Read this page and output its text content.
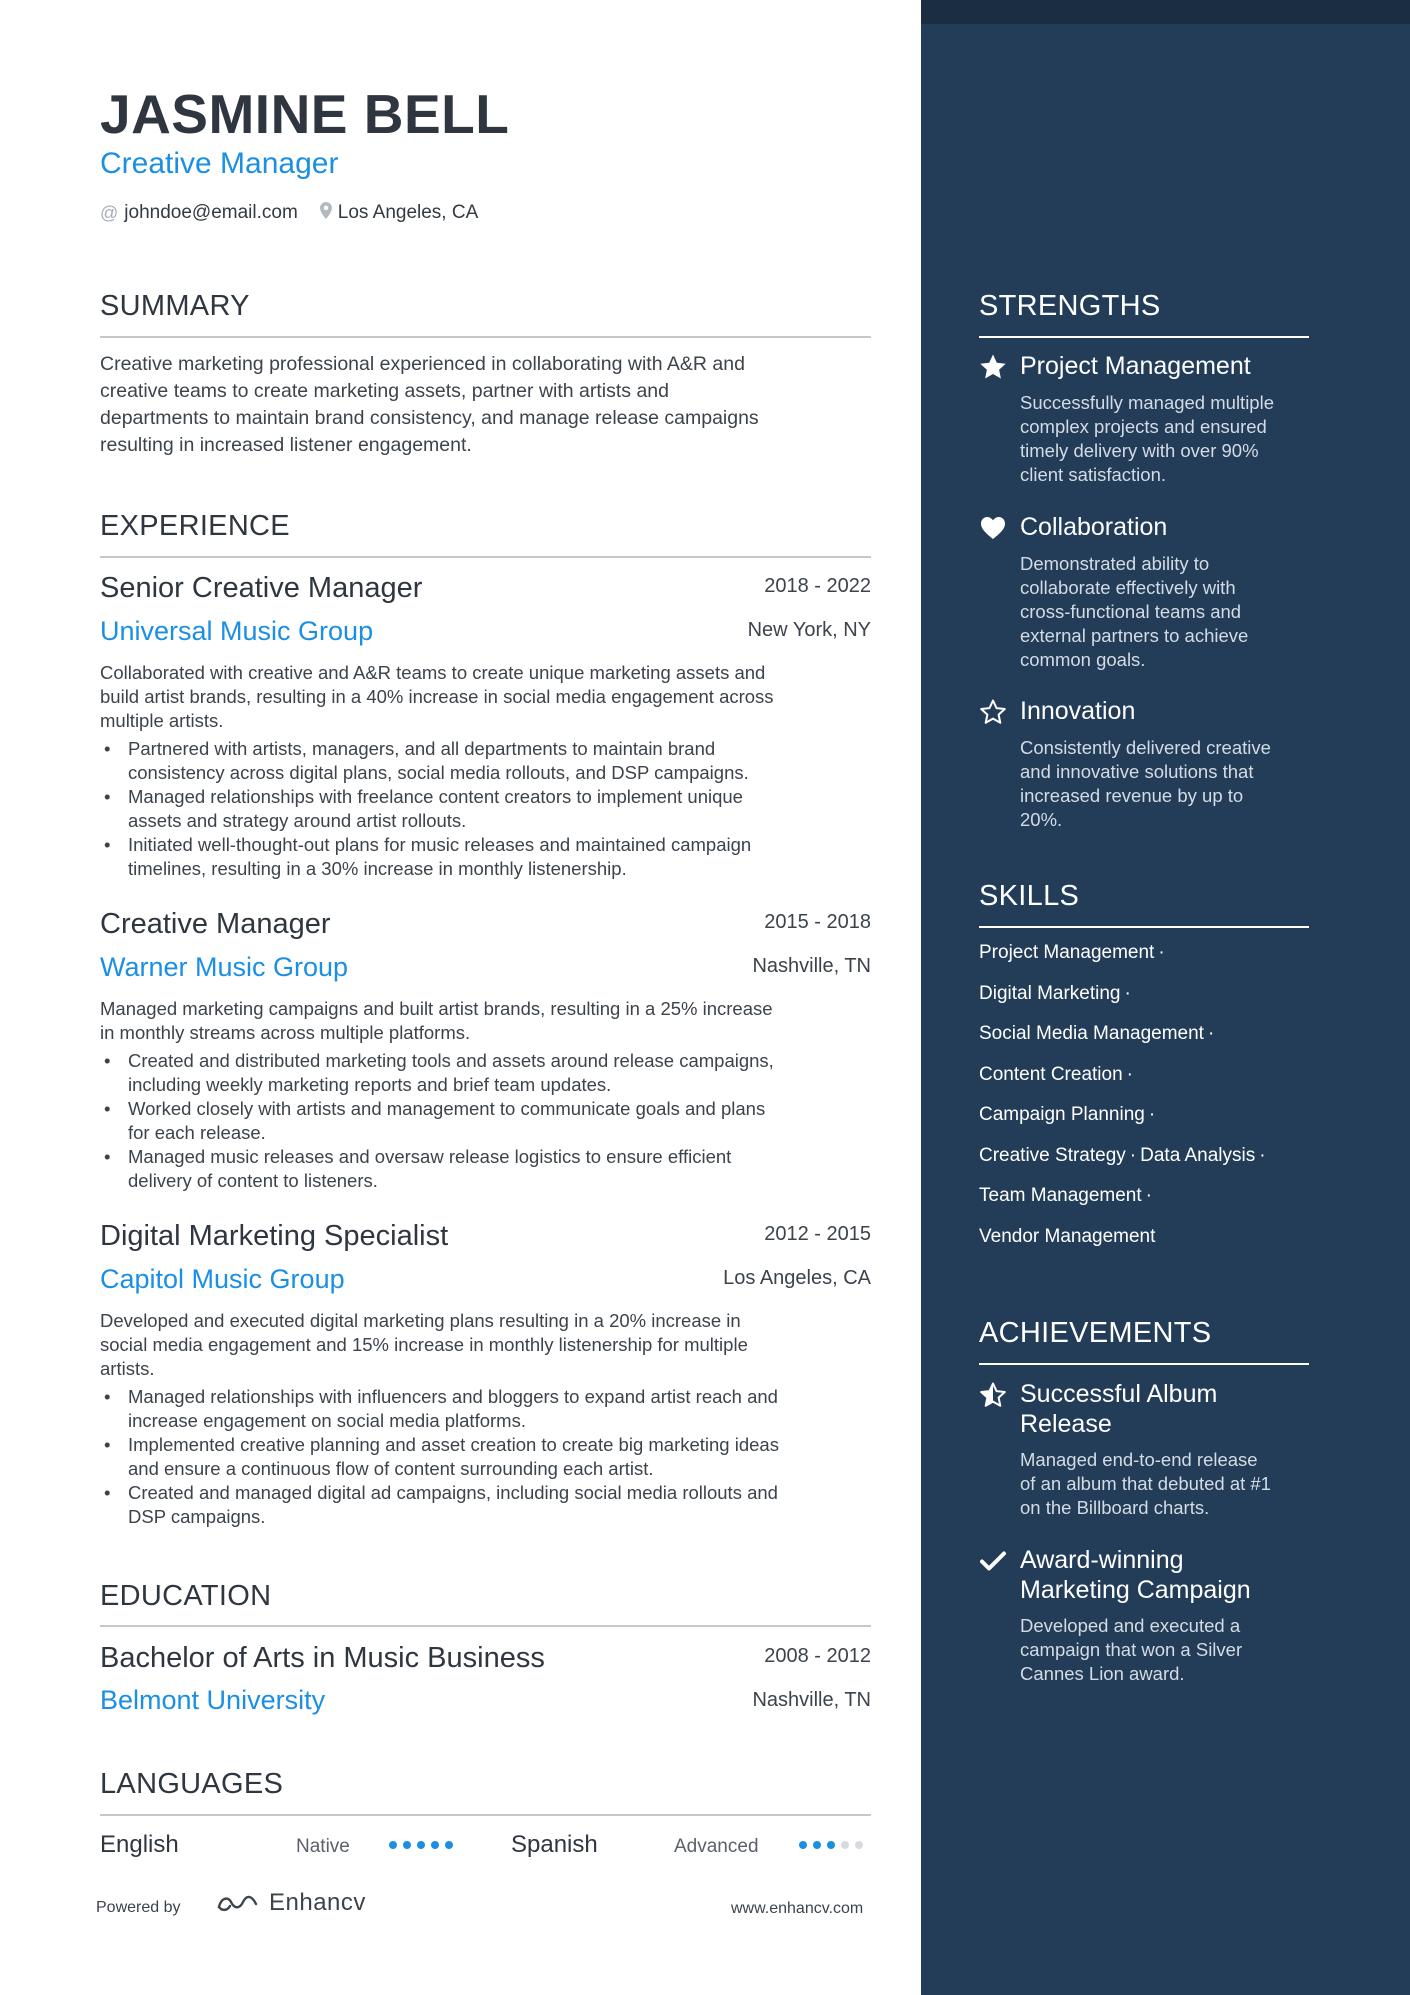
JASMINE BELL
Creative Manager
@ johndoe@email.com Los Angeles, CA
SUMMARY
Creative marketing professional experienced in collaborating with A&R and
creative teams to create marketing assets, partner with artists and
departments to maintain brand consistency, and manage release campaigns
resulting in increased listener engagement.
EXPERIENCE
Senior Creative Manager	2018 - 2022
Universal Music Group	New York, NY
Collaborated with creative and A&R teams to create unique marketing assets and
build artist brands, resulting in a 40% increase in social media engagement across
multiple artists.
• Partnered with artists, managers, and all departments to maintain brand
consistency across digital plans, social media rollouts, and DSP campaigns.
• Managed relationships with freelance content creators to implement unique
assets and strategy around artist rollouts.
• Initiated well-thought-out plans for music releases and maintained campaign
timelines, resulting in a 30% increase in monthly listenership.
Creative Manager	2015 - 2018
Warner Music Group	Nashville, TN
Managed marketing campaigns and built artist brands, resulting in a 25% increase
in monthly streams across multiple platforms.
• Created and distributed marketing tools and assets around release campaigns,
including weekly marketing reports and brief team updates.
• Worked closely with artists and management to communicate goals and plans
for each release.
• Managed music releases and oversaw release logistics to ensure efficient
delivery of content to listeners.
Digital Marketing Specialist	2012 - 2015
Capitol Music Group	Los Angeles, CA
Developed and executed digital marketing plans resulting in a 20% increase in
social media engagement and 15% increase in monthly listenership for multiple
artists.
• Managed relationships with influencers and bloggers to expand artist reach and
increase engagement on social media platforms.
• Implemented creative planning and asset creation to create big marketing ideas
and ensure a continuous flow of content surrounding each artist.
• Created and managed digital ad campaigns, including social media rollouts and
DSP campaigns.
EDUCATION
Bachelor of Arts in Music Business	2008 - 2012
Belmont University	Nashville, TN
LANGUAGES
English	Native	Spanish	Advanced
Powered by	Enhancv	www.enhancv.com
STRENGTHS
Project Management
Successfully managed multiple
complex projects and ensured
timely delivery with over 90%
client satisfaction.
Collaboration
Demonstrated ability to
collaborate effectively with
cross-functional teams and
external partners to achieve
common goals.
Innovation
Consistently delivered creative
and innovative solutions that
increased revenue by up to
20%.
SKILLS
Project Management ·
Digital Marketing ·
Social Media Management ·
Content Creation ·
Campaign Planning ·
Creative Strategy · Data Analysis ·
Team Management ·
Vendor Management
ACHIEVEMENTS
Successful Album
Release
Managed end-to-end release
of an album that debuted at #1
on the Billboard charts.
Award-winning
Marketing Campaign
Developed and executed a
campaign that won a Silver
Cannes Lion award.
